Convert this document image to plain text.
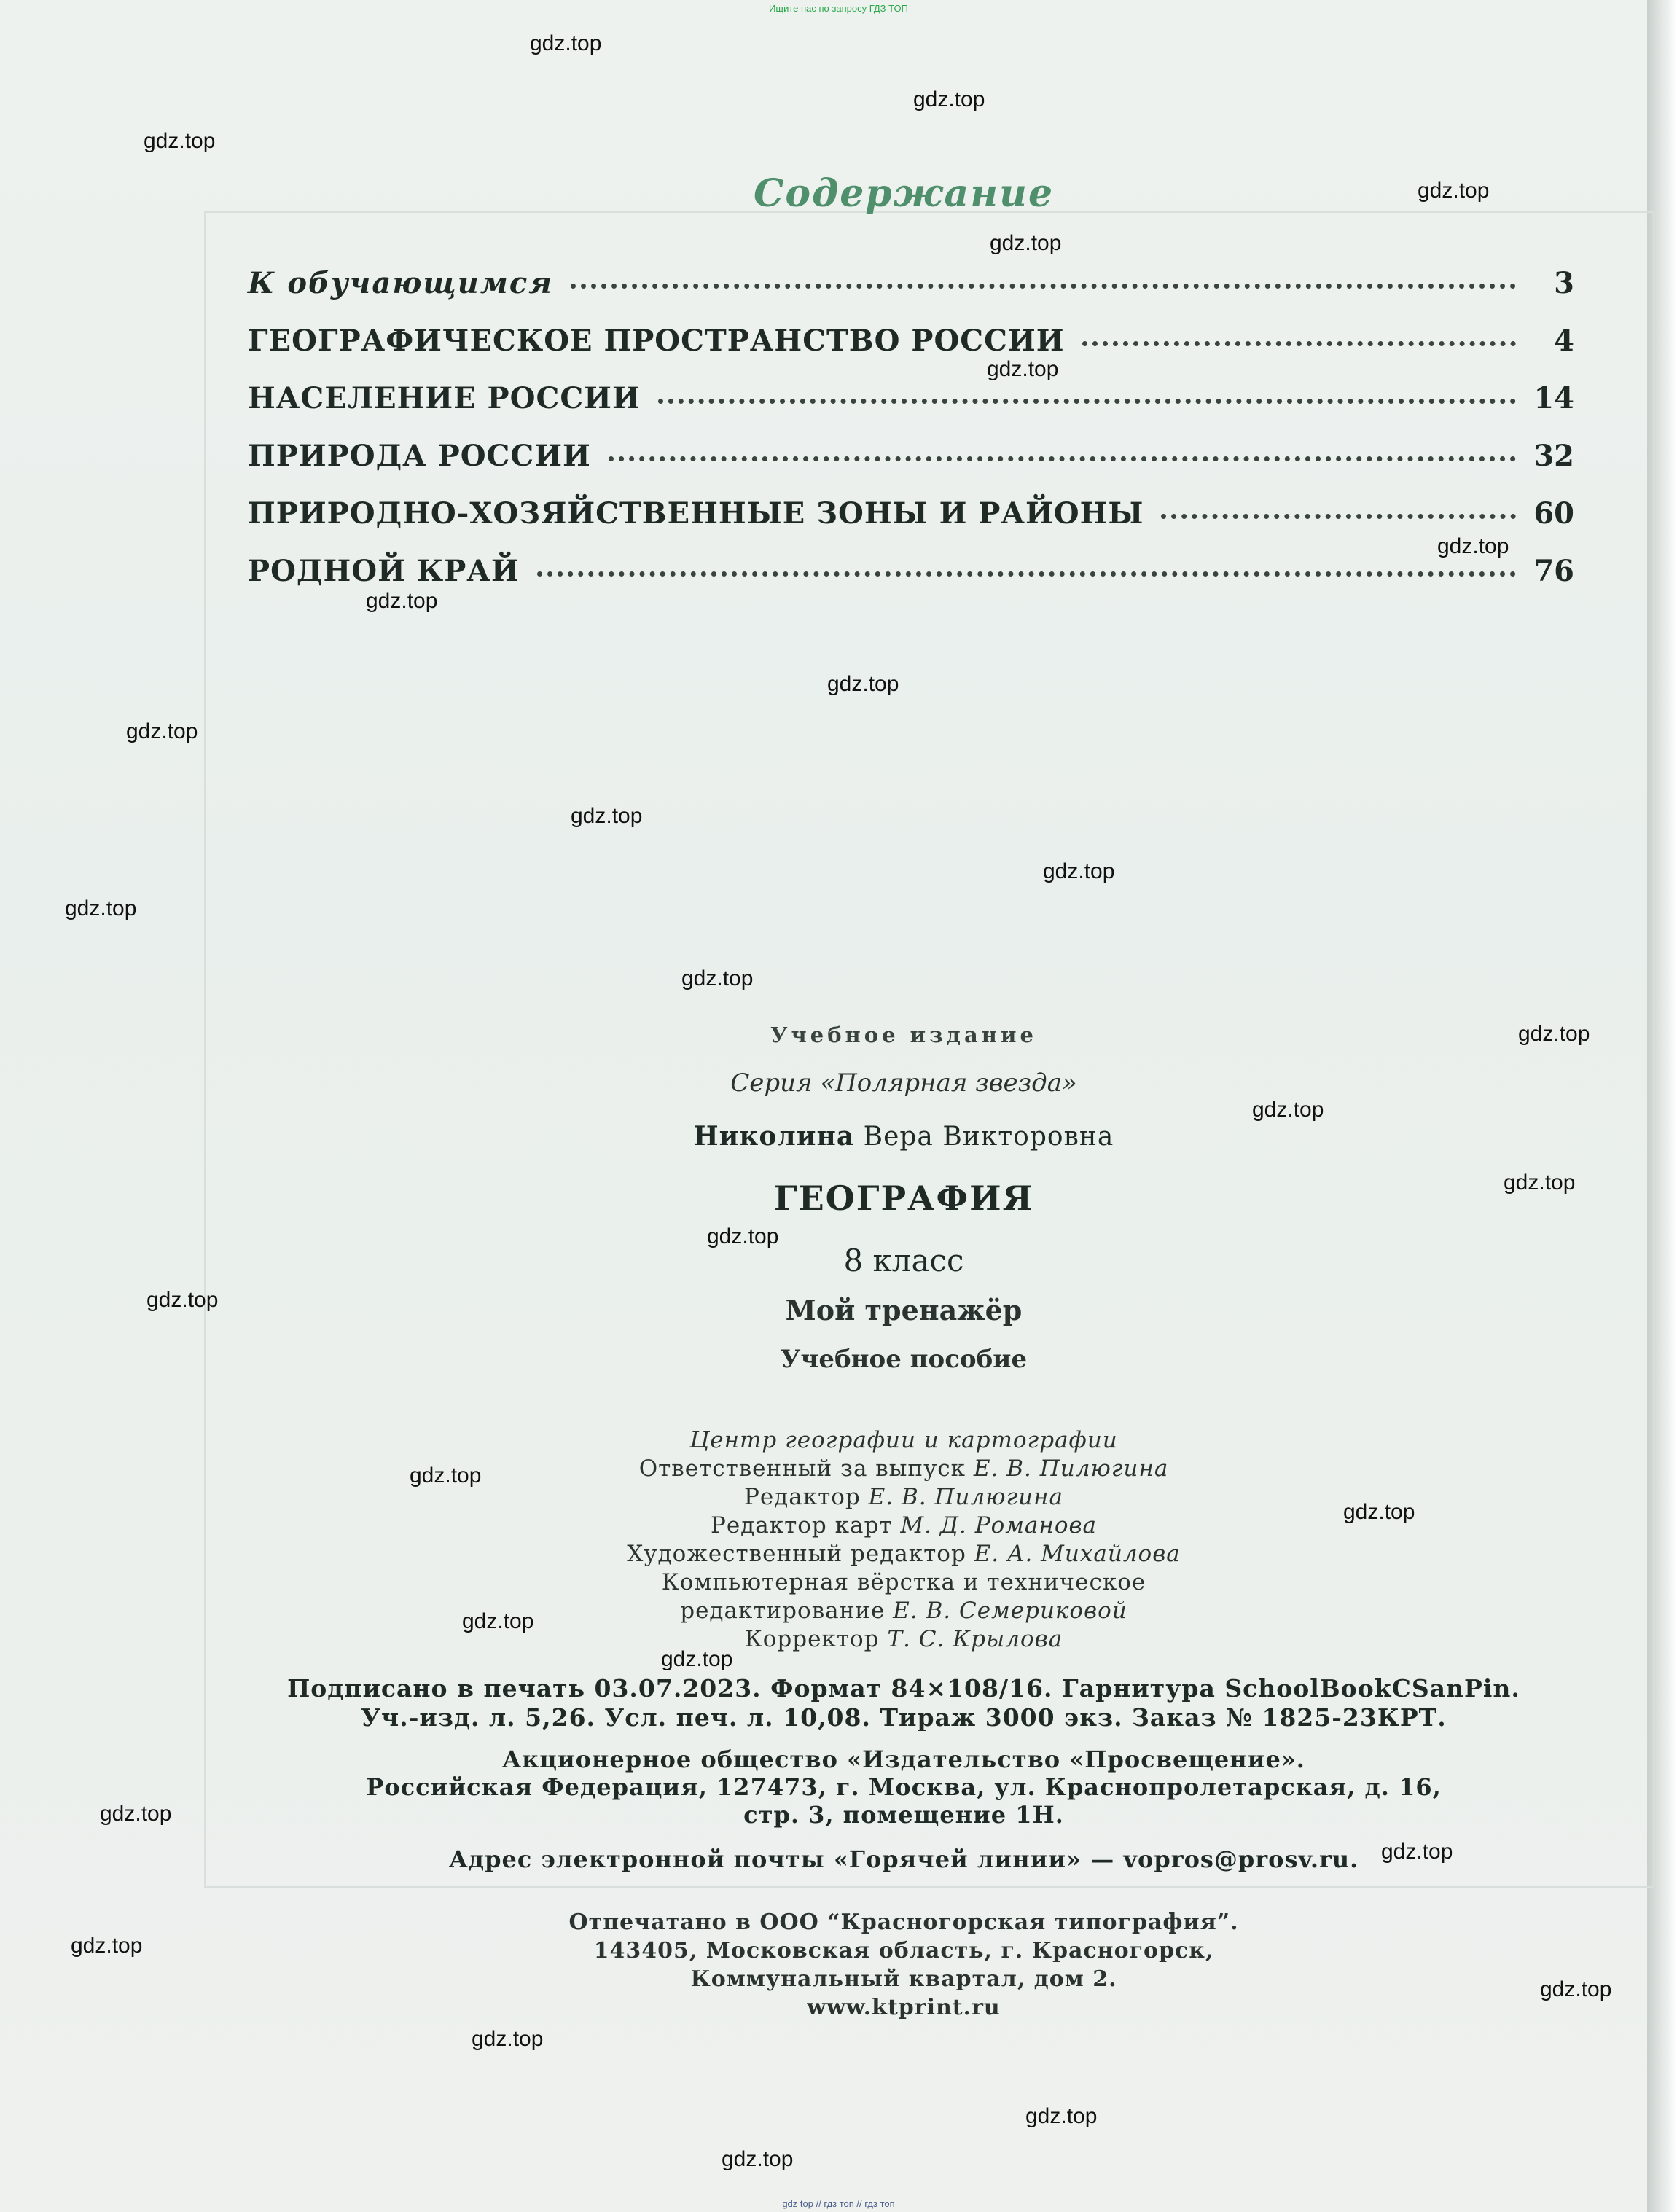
Ищите нас по запросу ГДЗ ТОП
Содержание
К обучающимся	3
ГЕОГРАФИЧЕСКОЕ ПРОСТРАНСТВО РОССИИ	4
НАСЕЛЕНИЕ РОССИИ	14
ПРИРОДА РОССИИ	32
ПРИРОДНО-ХОЗЯЙСТВЕННЫЕ ЗОНЫ И РАЙОНЫ	60
РОДНОЙ КРАЙ	76
Учебное издание
Серия «Полярная звезда»
Николина Вера Викторовна
ГЕОГРАФИЯ
8 класс
Мой тренажёр
Учебное пособие
Центр географии и картографии
Ответственный за выпуск Е. В. Пилюгина
Редактор Е. В. Пилюгина
Редактор карт М. Д. Романова
Художественный редактор Е. А. Михайлова
Компьютерная вёрстка и техническое
редактирование Е. В. Семериковой
Корректор Т. С. Крылова
Подписано в печать 03.07.2023. Формат 84×108/16. Гарнитура SchoolBookCSanPin.
Уч.-изд. л. 5,26. Усл. печ. л. 10,08. Тираж 3000 экз. Заказ № 1825-23КРТ.
Акционерное общество «Издательство «Просвещение».
Российская Федерация, 127473, г. Москва, ул. Краснопролетарская, д. 16,
стр. 3, помещение 1Н.
Адрес электронной почты «Горячей линии» — vopros@prosv.ru.
Отпечатано в ООО “Красногорская типография”.
143405, Московская область, г. Красногорск,
Коммунальный квартал, дом 2.
www.ktprint.ru
gdz.top
gdz.top
gdz.top
gdz.top
gdz.top
gdz.top
gdz.top
gdz.top
gdz.top
gdz.top
gdz.top
gdz.top
gdz.top
gdz.top
gdz.top
gdz.top
gdz.top
gdz.top
gdz.top
gdz.top
gdz.top
gdz.top
gdz.top
gdz.top
gdz.top
gdz.top
gdz.top
gdz.top
gdz.top
gdz.top
gdz top // гдз топ // гдз топ
